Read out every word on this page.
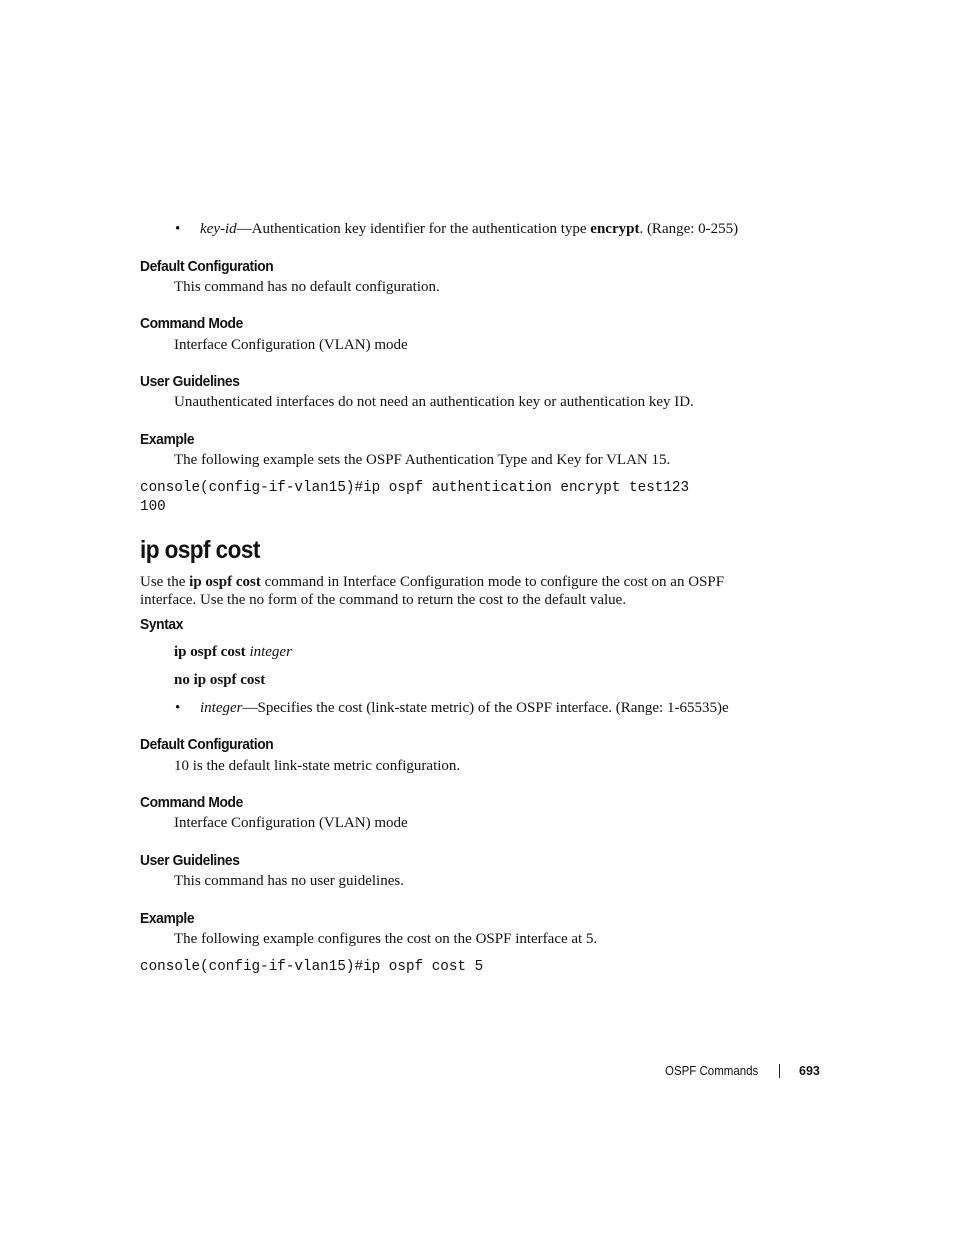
• key-id—Authentication key identifier for the authentication type encrypt. (Range: 0-255)
Default Configuration
This command has no default configuration.
Command Mode
Interface Configuration (VLAN) mode
User Guidelines
Unauthenticated interfaces do not need an authentication key or authentication key ID.
Example
The following example sets the OSPF Authentication Type and Key for VLAN 15.
console(config-if-vlan15)#ip ospf authentication encrypt test123
100
ip ospf cost
Use the ip ospf cost command in Interface Configuration mode to configure the cost on an OSPF
interface. Use the no form of the command to return the cost to the default value.
Syntax
ip ospf cost integer
no ip ospf cost
• integer—Specifies the cost (link-state metric) of the OSPF interface. (Range: 1-65535)e
Default Configuration
10 is the default link-state metric configuration.
Command Mode
Interface Configuration (VLAN) mode
User Guidelines
This command has no user guidelines.
Example
The following example configures the cost on the OSPF interface at 5.
console(config-if-vlan15)#ip ospf cost 5
OSPF Commands	693
